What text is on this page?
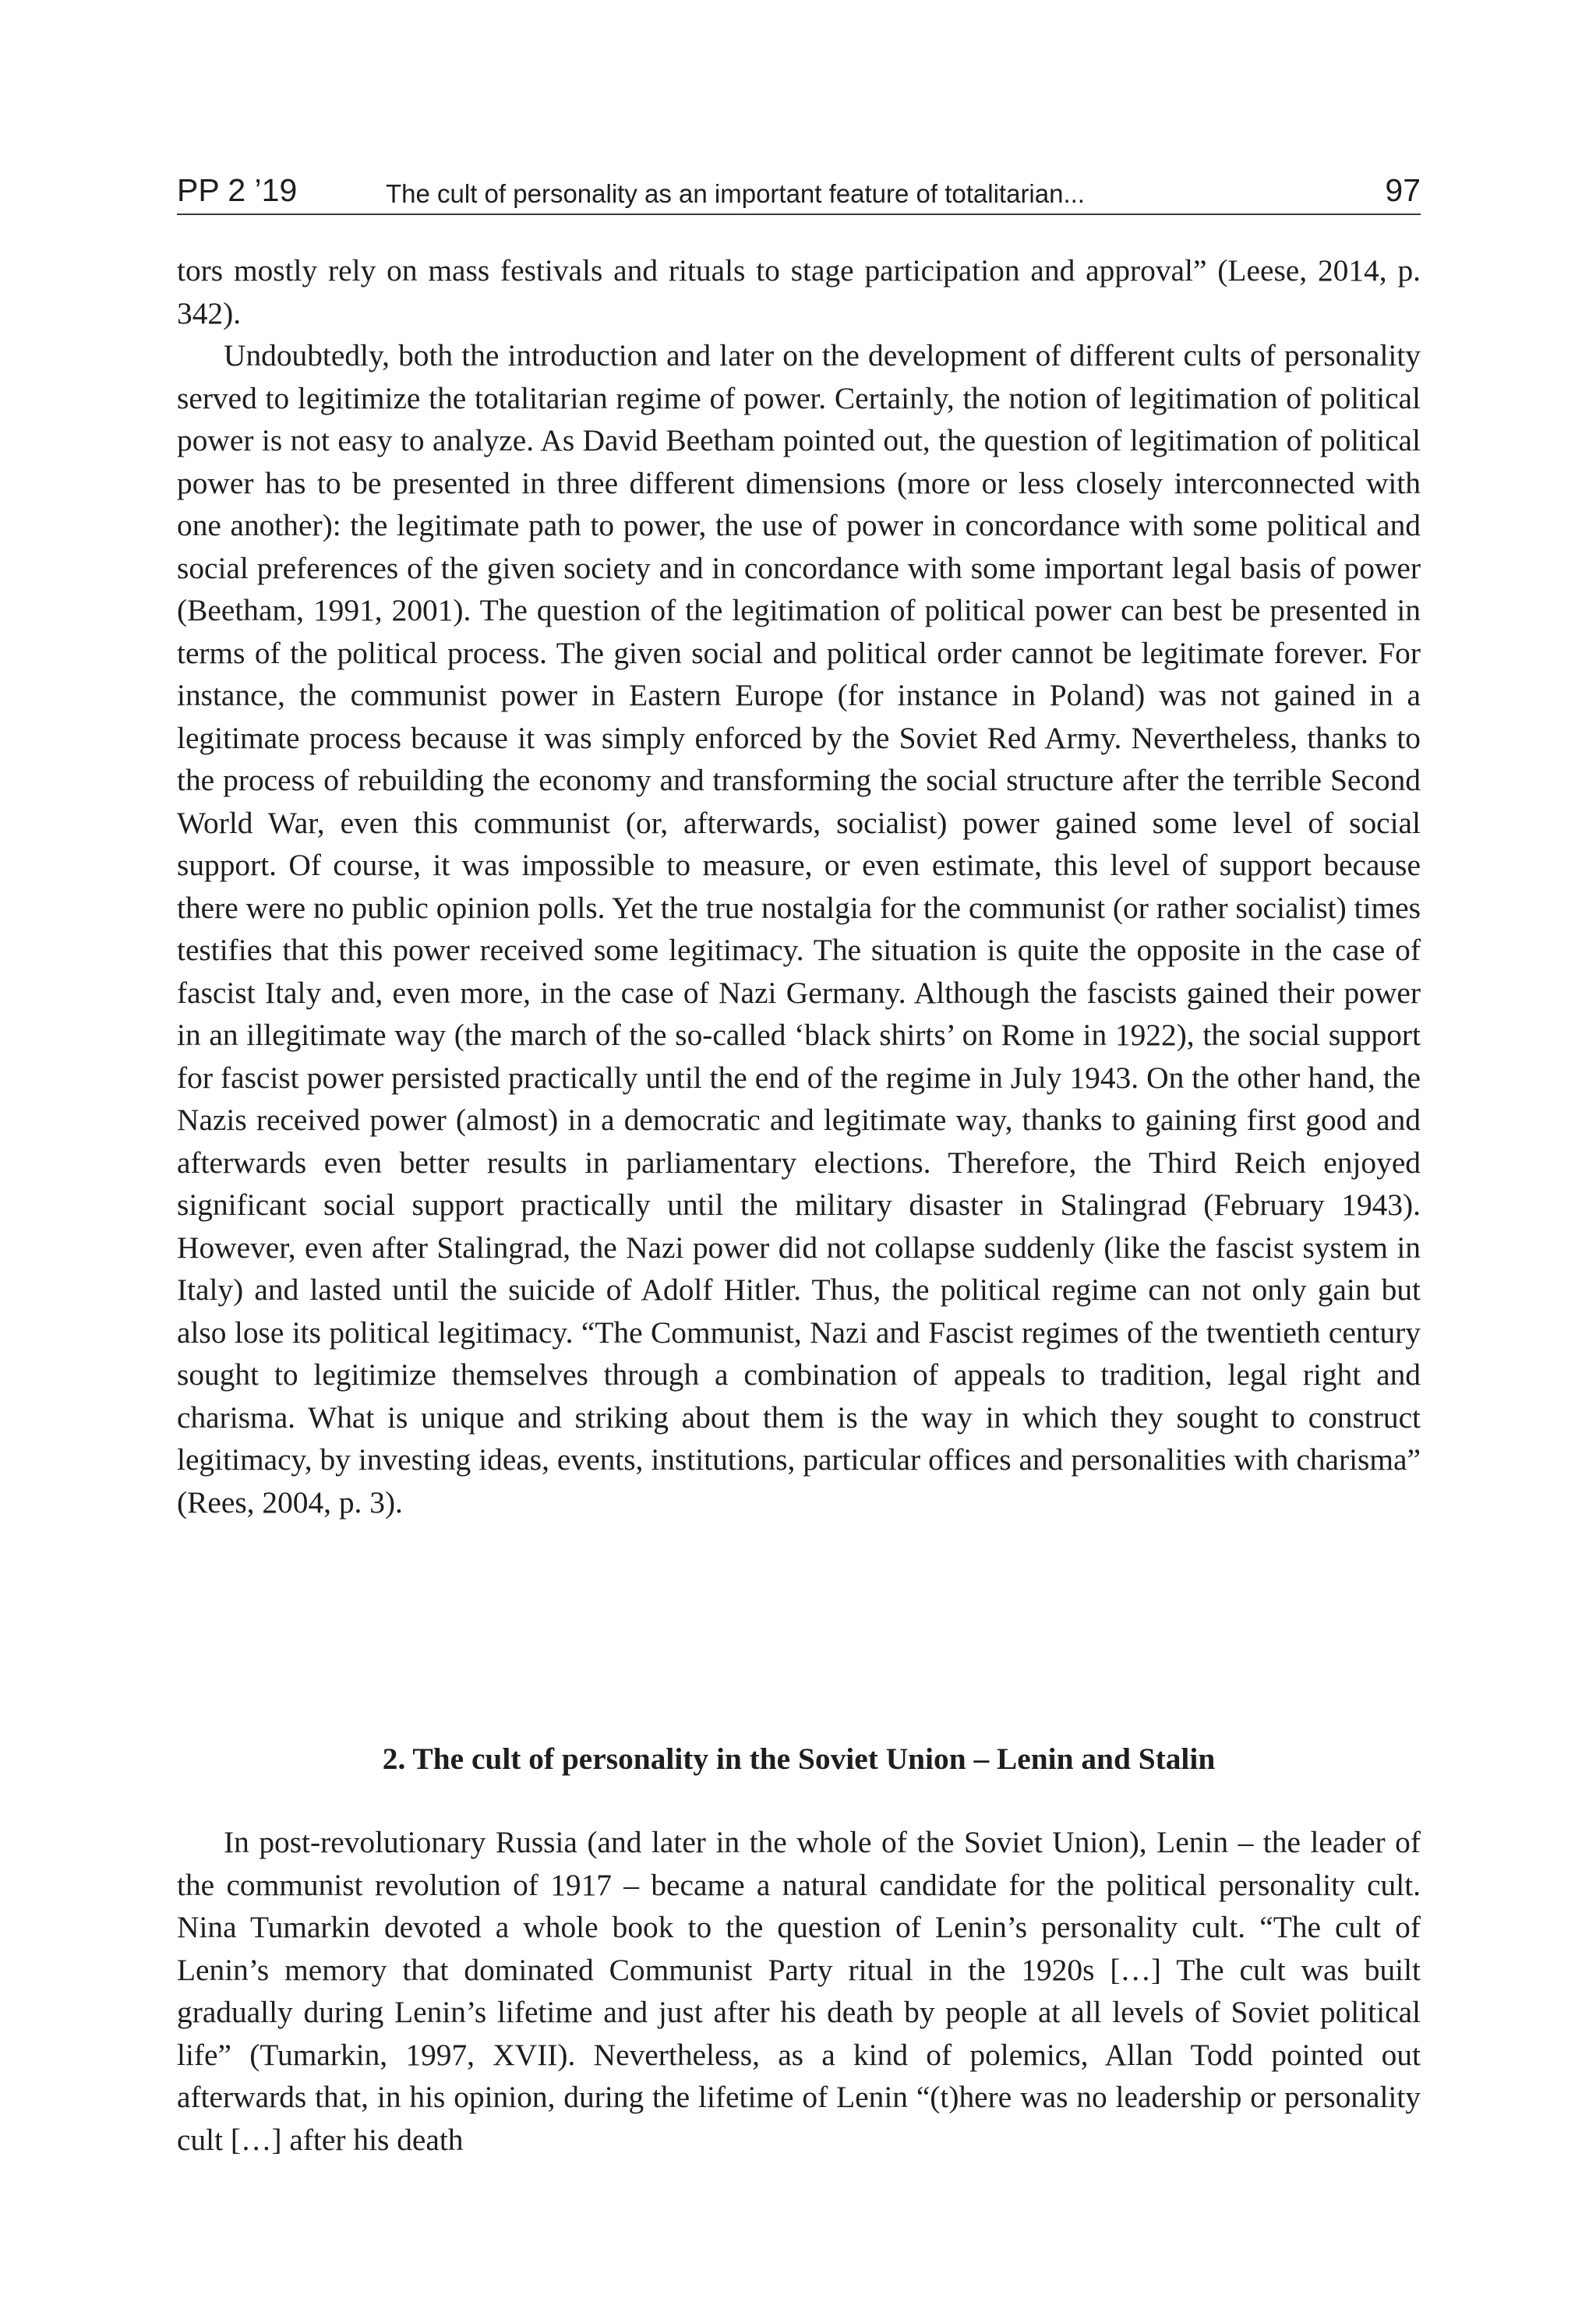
PP 2 ’19	The cult of personality as an important feature of totalitarian...	97

tors mostly rely on mass festivals and rituals to stage participation and approval” (Leese, 2014, p. 342).

Undoubtedly, both the introduction and later on the development of different cults of personality served to legitimize the totalitarian regime of power. Certainly, the notion of legitimation of political power is not easy to analyze. As David Beetham pointed out, the question of legitimation of political power has to be presented in three different dimensions (more or less closely interconnected with one another): the legitimate path to power, the use of power in concordance with some political and social preferences of the given society and in concordance with some important legal basis of power (Beetham, 1991, 2001). The question of the legitimation of political power can best be presented in terms of the political process. The given social and political order cannot be legitimate forever. For instance, the communist power in Eastern Europe (for instance in Poland) was not gained in a legitimate process because it was simply enforced by the Soviet Red Army. Nevertheless, thanks to the process of rebuilding the economy and transforming the social structure after the terrible Second World War, even this communist (or, afterwards, socialist) power gained some level of social support. Of course, it was impossible to measure, or even estimate, this level of support because there were no public opinion polls. Yet the true nostalgia for the communist (or rather socialist) times testifies that this power received some legitimacy. The situation is quite the opposite in the case of fascist Italy and, even more, in the case of Nazi Germany. Although the fascists gained their power in an illegitimate way (the march of the so-called ‘black shirts’ on Rome in 1922), the social support for fascist power persisted practically until the end of the regime in July 1943. On the other hand, the Nazis received power (almost) in a democratic and legitimate way, thanks to gaining first good and afterwards even better results in parliamentary elections. Therefore, the Third Reich enjoyed significant social support practically until the military disaster in Stalingrad (February 1943). However, even after Stalingrad, the Nazi power did not collapse suddenly (like the fascist system in Italy) and lasted until the suicide of Adolf Hitler. Thus, the political regime can not only gain but also lose its political legitimacy. “The Communist, Nazi and Fascist regimes of the twentieth century sought to legitimize themselves through a combination of appeals to tradition, legal right and charisma. What is unique and striking about them is the way in which they sought to construct legitimacy, by investing ideas, events, institutions, particular offices and personalities with charisma” (Rees, 2004, p. 3).

2. The cult of personality in the Soviet Union – Lenin and Stalin

In post-revolutionary Russia (and later in the whole of the Soviet Union), Lenin – the leader of the communist revolution of 1917 – became a natural candidate for the political personality cult. Nina Tumarkin devoted a whole book to the question of Lenin’s personality cult. “The cult of Lenin’s memory that dominated Communist Party ritual in the 1920s […] The cult was built gradually during Lenin’s lifetime and just after his death by people at all levels of Soviet political life” (Tumarkin, 1997, XVII). Nevertheless, as a kind of polemics, Allan Todd pointed out afterwards that, in his opinion, during the lifetime of Lenin “(t)here was no leadership or personality cult […] after his death
